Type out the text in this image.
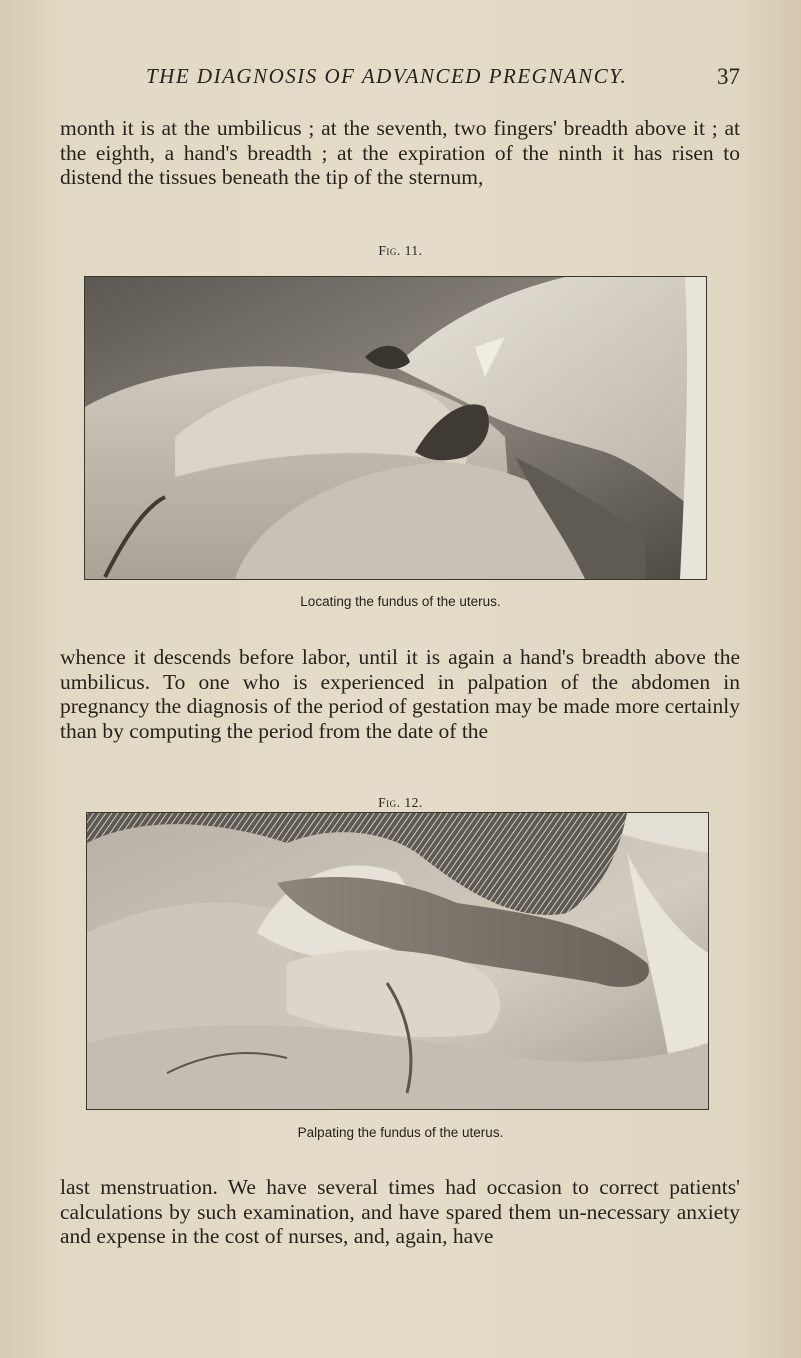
THE DIAGNOSIS OF ADVANCED PREGNANCY.	37

month it is at the umbilicus ; at the seventh, two fingers' breadth above it ; at the eighth, a hand's breadth ; at the expiration of the ninth it has risen to distend the tissues beneath the tip of the sternum,

Fig. 11.
Locating the fundus of the uterus.

whence it descends before labor, until it is again a hand's breadth above the umbilicus. To one who is experienced in palpation of the abdomen in pregnancy the diagnosis of the period of gestation may be made more certainly than by computing the period from the date of the

Fig. 12.
Palpating the fundus of the uterus.

last menstruation. We have several times had occasion to correct patients' calculations by such examination, and have spared them un-necessary anxiety and expense in the cost of nurses, and, again, have
